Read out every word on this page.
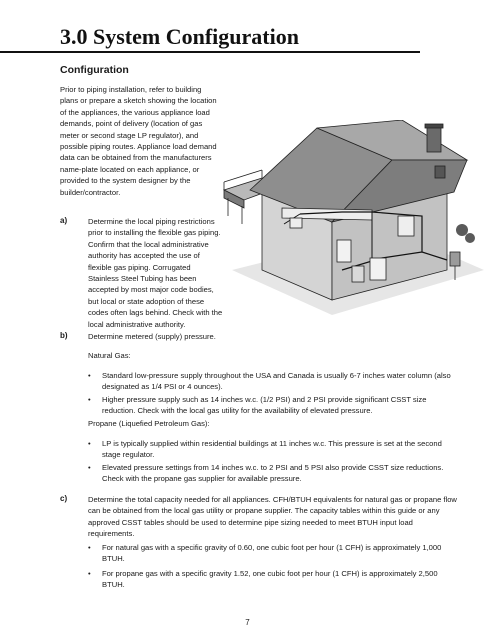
3.0 System Configuration
Configuration

Prior to piping installation, refer to building plans or prepare a sketch showing the location of the appliances, the various appliance load demands, point of delivery (location of gas meter or second stage LP regulator), and possible piping routes. Appliance load demand data can be obtained from the manufacturers name-plate located on each appliance, or provided to the system designer by the builder/contractor.

a)	Determine the local piping restrictions prior to installing the flexible gas piping. Confirm that the local administrative authority has accepted the use of flexible gas piping. Corrugated Stainless Steel Tubing has been accepted by most major code bodies, but local or state adoption of these codes often lags behind. Check with the local administrative authority.

b)	Determine metered (supply) pressure.

Natural Gas:
•	Standard low-pressure supply throughout the USA and Canada is usually 6-7 inches water column (also designated as 1/4 PSI or 4 ounces).
•	Higher pressure supply such as 14 inches w.c. (1/2 PSI) and 2 PSI provide significant CSST size reduction. Check with the local gas utility for the availability of elevated pressure.
Propane (Liquefied Petroleum Gas):
•	LP is typically supplied within residential buildings at 11 inches w.c. This pressure is set at the second stage regulator.
•	Elevated pressure settings from 14 inches w.c. to 2 PSI and 5 PSI also provide CSST size reductions. Check with the propane gas supplier for available pressure.
c)	Determine the total capacity needed for all appliances. CFH/BTUH equivalents for natural gas or propane flow can be obtained from the local gas utility or propane supplier. The capacity tables within this guide or any approved CSST tables should be used to determine pipe sizing needed to meet BTUH input load requirements.

•	For natural gas with a specific gravity of 0.60, one cubic foot per hour (1 CFH) is approximately 1,000 BTUH.
•	For propane gas with a specific gravity 1.52, one cubic foot per hour (1 CFH) is approximately 2,500 BTUH.
7
